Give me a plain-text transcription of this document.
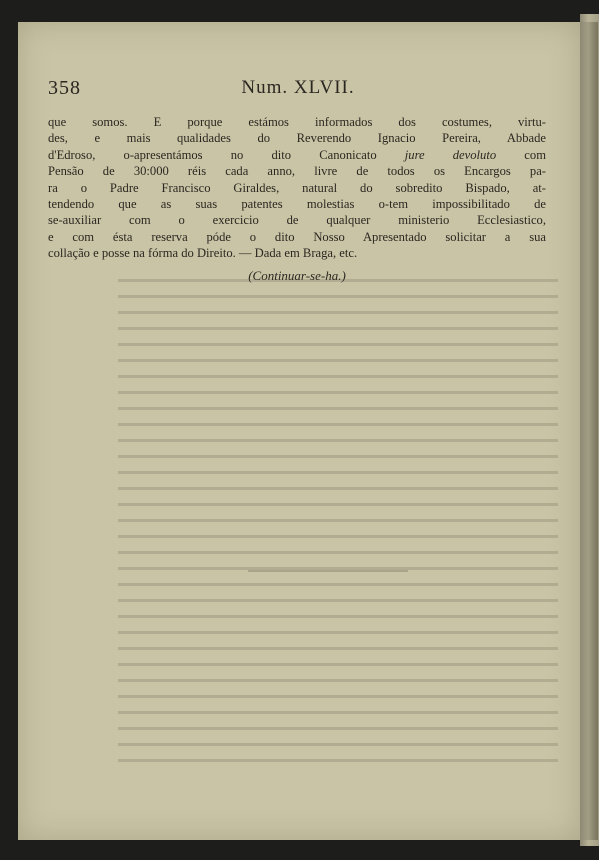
358	Num. XLVII.
que somos. E porque estámos informados dos costumes, virtu-
des, e mais qualidades do Reverendo Ignacio Pereira, Abbade
d'Edroso, o-apresentámos no dito Canonicato jure devoluto com
Pensão de 30:000 réis cada anno, livre de todos os Encargos pa-
ra o Padre Francisco Giraldes, natural do sobredito Bispado, at-
tendendo que as suas patentes molestias o-tem impossibilitado de
se-auxiliar com o exercicio de qualquer ministerio Ecclesiastico,
e com ésta reserva póde o dito Nosso Apresentado solicitar a sua
collação e posse na fórma do Direito. — Dada em Braga, etc.
(Continuar-se-ha.)
